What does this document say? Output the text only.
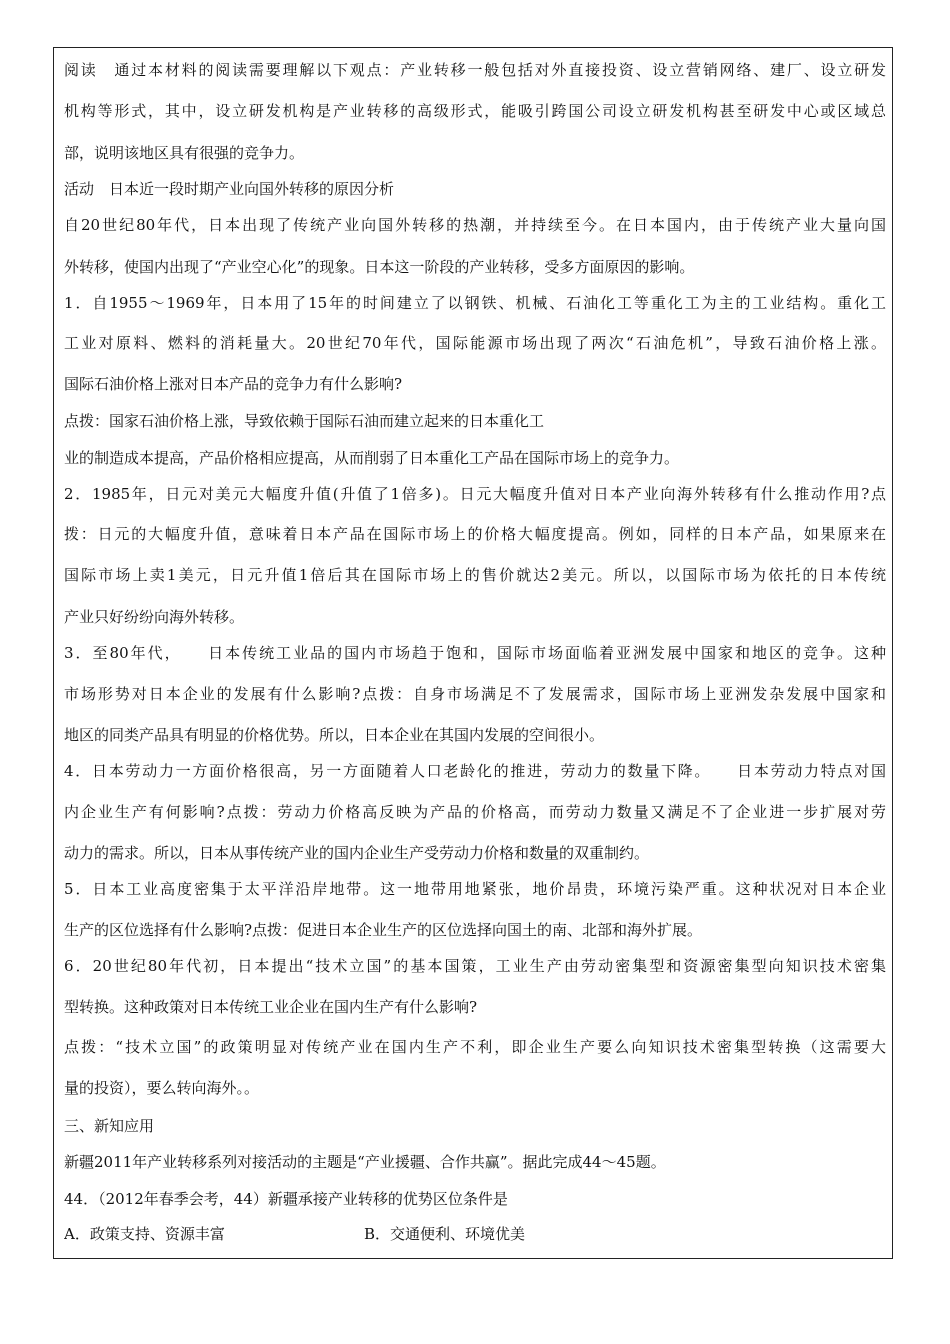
阅读　通过本材料的阅读需要理解以下观点：产业转移一般包括对外直接投资、设立营销网络、建厂、设立研发
机构等形式，其中，设立研发机构是产业转移的高级形式，能吸引跨国公司设立研发机构甚至研发中心或区域总
部，说明该地区具有很强的竞争力。
活动　日本近一段时期产业向国外转移的原因分析
自20世纪80年代，日本出现了传统产业向国外转移的热潮，并持续至今。在日本国内，由于传统产业大量向国
外转移，使国内出现了“产业空心化”的现象。日本这一阶段的产业转移，受多方面原因的影响。
1．自1955～1969年，日本用了15年的时间建立了以钢铁、机械、石油化工等重化工为主的工业结构。重化工
工业对原料、燃料的消耗量大。20世纪70年代，国际能源市场出现了两次“石油危机”，导致石油价格上涨。
国际石油价格上涨对日本产品的竞争力有什么影响?
点拨：国家石油价格上涨，导致依赖于国际石油而建立起来的日本重化工
业的制造成本提高，产品价格相应提高，从而削弱了日本重化工产品在国际市场上的竞争力。
2．1985年，日元对美元大幅度升值(升值了1倍多)。日元大幅度升值对日本产业向海外转移有什么推动作用?点
拨：日元的大幅度升值，意味着日本产品在国际市场上的价格大幅度提高。例如，同样的日本产品，如果原来在
国际市场上卖1美元，日元升值1倍后其在国际市场上的售价就达2美元。所以，以国际市场为依托的日本传统
产业只好纷纷向海外转移。
3．至80年代，　　日本传统工业品的国内市场趋于饱和，国际市场面临着亚洲发展中国家和地区的竞争。这种
市场形势对日本企业的发展有什么影响?点拨：自身市场满足不了发展需求，国际市场上亚洲发杂发展中国家和
地区的同类产品具有明显的价格优势。所以，日本企业在其国内发展的空间很小。
4．日本劳动力一方面价格很高，另一方面随着人口老龄化的推进，劳动力的数量下降。　　日本劳动力特点对国
内企业生产有何影响?点拨：劳动力价格高反映为产品的价格高，而劳动力数量又满足不了企业进一步扩展对劳
动力的需求。所以，日本从事传统产业的国内企业生产受劳动力价格和数量的双重制约。
5．日本工业高度密集于太平洋沿岸地带。这一地带用地紧张，地价昂贵，环境污染严重。这种状况对日本企业
生产的区位选择有什么影响?点拨：促进日本企业生产的区位选择向国土的南、北部和海外扩展。
6．20世纪80年代初，日本提出“技术立国”的基本国策，工业生产由劳动密集型和资源密集型向知识技术密集
型转换。这种政策对日本传统工业企业在国内生产有什么影响?
点拨：“技术立国”的政策明显对传统产业在国内生产不利，即企业生产要么向知识技术密集型转换（这需要大
量的投资），要么转向海外。。
三、新知应用
新疆2011年产业转移系列对接活动的主题是“产业援疆、合作共赢”。据此完成44～45题。
44．（2012年春季会考，44）新疆承接产业转移的优势区位条件是
A．政策支持、资源丰富	B．交通便利、环境优美
